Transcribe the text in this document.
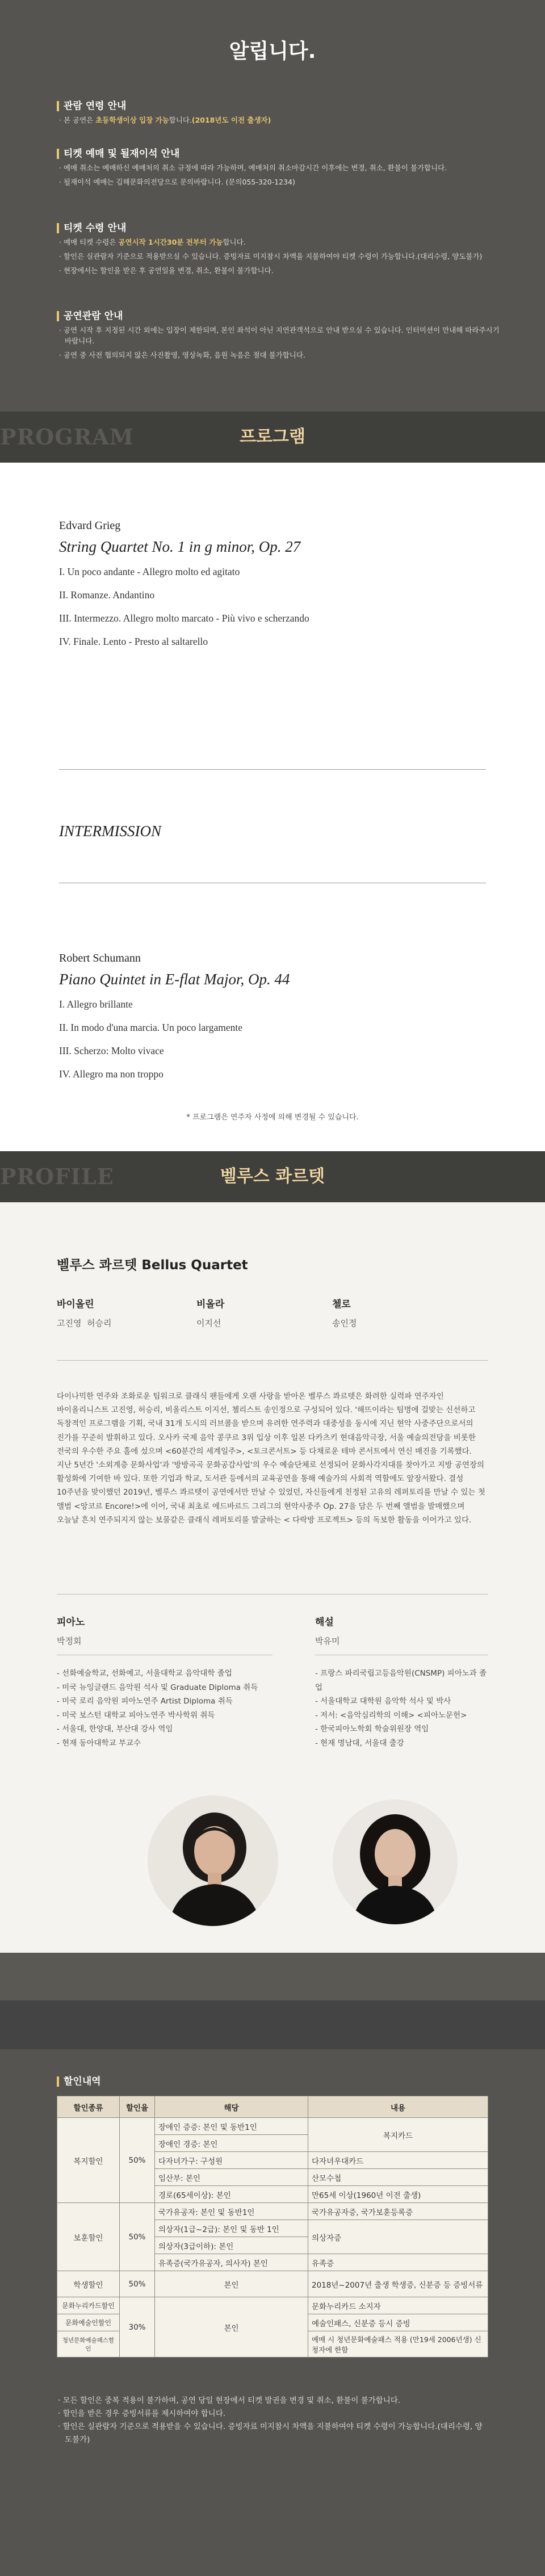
알립니다.
관람 연령 안내
· 본 공연은 초등학생이상 입장 가능합니다.(2018년도 이전 출생자)
티켓 예매 및 될재이석 안내
· 예매 취소는 예매하신 예매처의 취소 규정에 따라 가능하며, 예매처의 취소마감시간 이후에는 변경, 취소, 환불이 불가합니다.
· 될재이석 예매는 김해문화의전당으로 문의바랍니다. (문의055-320-1234)
티켓 수령 안내
· 예매 티켓 수령은 공연시작 1시간30분 전부터 가능합니다.
· 할인은 실관람자 기준으로 적용받으실 수 있습니다. 증빙자료 미지참시 차액을 지불하여야 티켓 수령이 가능합니다.(대리수령, 양도불가)
· 현장에서는 할인을 받은 후 공연일을 변경, 취소, 환불이 불가합니다.
공연관람 안내
· 공연 시작 후 지정된 시간 외에는 입장이 제한되며, 본인 좌석이 아닌 지연관객석으로 안내 받으실 수 있습니다. 인터미션이 만내해 따라주시기 바랍니다.
· 공연 중 사전 협의되지 않은 사진촬영, 영상녹화, 음원 녹음은 절대 불가합니다.
PROGRAM	프로그램
Edvard Grieg
String Quartet No. 1 in g minor, Op. 27
I. Un poco andante - Allegro molto ed agitato
II. Romanze. Andantino
III. Intermezzo. Allegro molto marcato - Più vivo e scherzando
IV. Finale. Lento - Presto al saltarello
INTERMISSION
Robert Schumann
Piano Quintet in E-flat Major, Op. 44
I. Allegro brillante
II. In modo d'una marcia. Un poco largamente
III. Scherzo: Molto vivace
IV. Allegro ma non troppo
* 프로그램은 연주자 사정에 의해 변경될 수 있습니다.
PROFILE	벨루스 콰르텟
벨루스 콰르텟 Bellus Quartet
바이올린
고진영  허승리
비올라
이지선
첼로
송인정

다이나믹한 연주와 조화로운 팀워크로 클래식 팬들에게 오랜 사랑을 받아온 벨루스 콰르텟은 화려한 실력파 연주자인 바이올리니스트 고진영, 허승리, 비올리스트 이지선, 첼리스트 송인정으로 구성되어 있다. '해뜨이라는 팀명에 걸맞는 신선하고 독창적인 프로그램을 기획, 국내 31개 도시의 러브콜을 받으며 유려한 연주력과 대중성을 동시에 지닌 현악 사중주단으로서의 진가를 꾸준히 발휘하고 있다. 오사카 국제 음악 콩쿠르 3위 입상 이후 일본 다카츠키 현대음악극장, 서울 예술의전당을 비롯한 전국의 우수한 주요 홀에 섰으며 <60분간의 세계일주>, <토크콘서트> 등 다채로운 테마 콘서트에서 연신 매진을 기록했다. 지난 5년간 '소외계층 문화사업'과 '방방곡곡 문화공감사업'의 우수 예술단체로 선정되어 문화사각지대를 찾아가고 지방 공연장의 활성화에 기여한 바 있다. 또한 기업과 학교, 도서관 등에서의 교육공연을 통해 예술가의 사회적 역할에도 앞장서왔다. 결성 10주년을 맞이했던 2019년, 벨루스 콰르텟이 공연에서만 만날 수 있었던, 자신들에게 친정된 고유의 레퍼토리를 만날 수 있는 첫 앨범 <앙코르 Encore!>에 이어, 국내 최초로 에드바르드 그리그의 현악사중주 Op. 27을 담은 두 번째 앨범을 발매했으며 오늘날 흔치 연주되지지 않는 보물같은 클래식 레퍼토리를 발굴하는 < 다락방 프로젝트> 등의 독보한 활동을 이어가고 있다.

피아노
박정회
- 선화예술학교, 선화예고, 서울대학교 음악대학 졸업
- 미국 뉴잉글랜드 음악원 석사 및 Graduate Diploma 취득
- 미국 로리 음악원 피아노연주 Artist Diploma 취득
- 미국 보스턴 대학교 피아노연주 박사학위 취득
- 서울대, 한양대, 부산대 강사 역임
- 현재 동아대학교 부교수
해설
박유미
- 프랑스 파리국립고등음악원(CNSMP) 피아노과 졸업
- 서울대학교 대학원 음악학 석사 및 박사
- 저서: <음악심리학의 이해> <피아노문헌>
- 한국피아노학회 학술위원장 역임
- 현재 명남대, 서울대 출강
할인내역
할인종류	할인율	해당	내용
복지할인	50%	장애인 증증: 본인 및 동반1인	복지카드
		장애인 경증: 본인	
		다자녀가구: 구성원	다자녀우대카드
		임산부: 본인	산모수첩
		경로(65세이상): 본인	만65세 이상(1960년 이전 출생)
보훈할인	50%	국가유공자: 본인 및 동반1인	국가유공자증, 국가보훈등록증
		의상자(1급~2급): 본인 및 동반 1인	의상자증
		의상자(3급이하): 본인	
		유족증(국가유공자, 의사자) 본인	유족증
학생할인	50%	본인	2018년~2007년 출생 학생증, 신분증 등 증빙서류
문화누리카드할인	30%	본인	문화누리카드 소지자
문화예술인할인			예술인패스, 신분증 등시 증빙
청년문화예술패스할인			예매 시 청년문화예술패스 적용 (만19세 2006년생) 신청자에 한함
· 모든 할인은 중복 적용이 불가하며, 공연 당일 현장에서 티켓 발권을 변경 및 취소, 환불이 불가합니다.
· 할인을 받은 경우 증빙서류를 제시하여야 합니다.
· 할인은 실관람자 기준으로 적용받을 수 있습니다. 증빙자료 미지참시 차액을 지불하여야 티켓 수령이 가능합니다.(대리수령, 양도불가)
